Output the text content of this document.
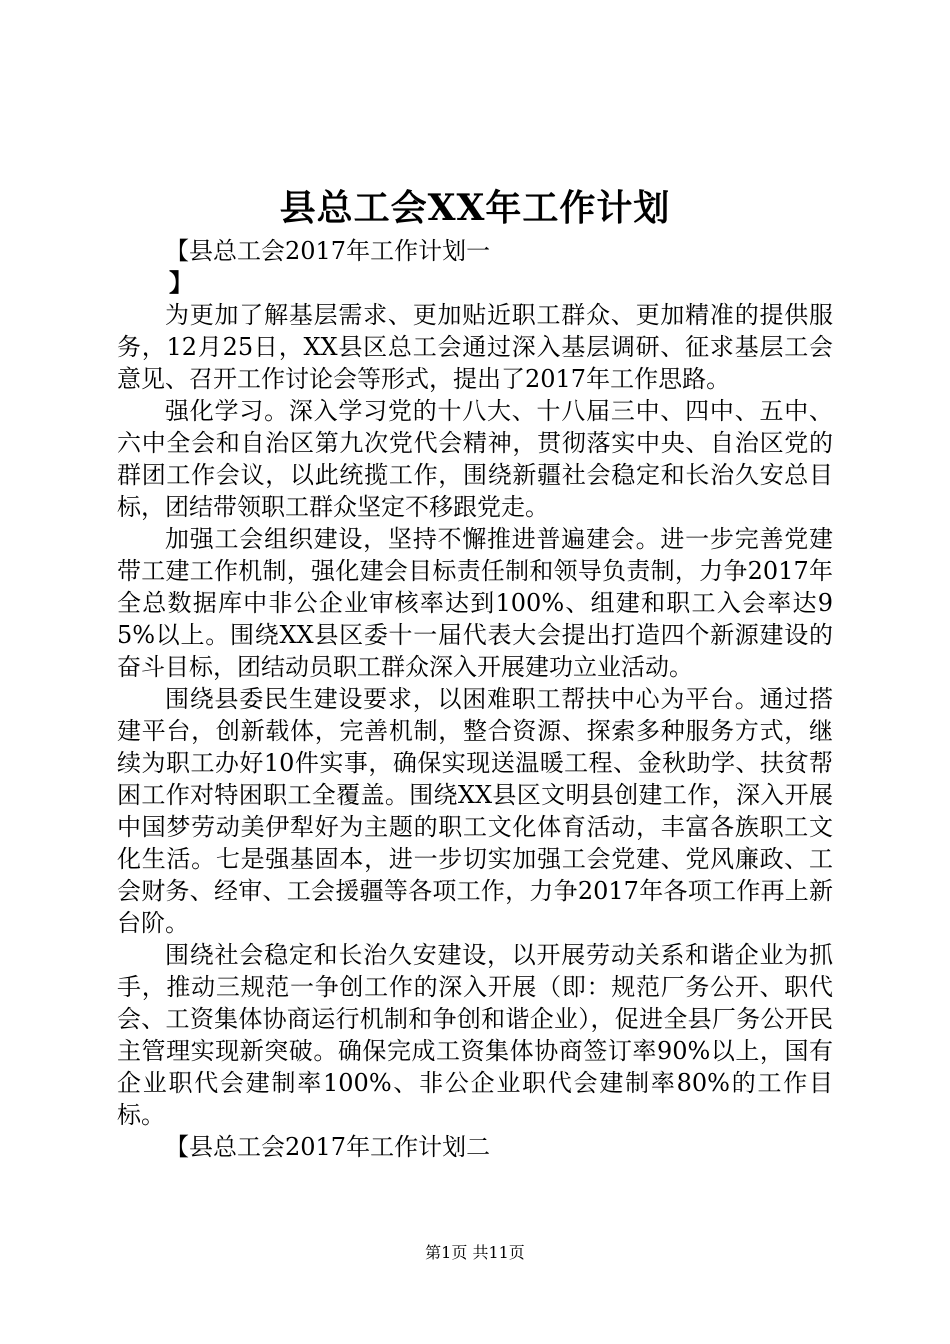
县总工会XX年工作计划

【县总工会2017年工作计划一

】

为更加了解基层需求、更加贴近职工群众、更加精准的提供服务，12月25日，XX县区总工会通过深入基层调研、征求基层工会意见、召开工作讨论会等形式，提出了2017年工作思路。

强化学习。深入学习党的十八大、十八届三中、四中、五中、六中全会和自治区第九次党代会精神，贯彻落实中央、自治区党的群团工作会议，以此统揽工作，围绕新疆社会稳定和长治久安总目标，团结带领职工群众坚定不移跟党走。

加强工会组织建设，坚持不懈推进普遍建会。进一步完善党建带工建工作机制，强化建会目标责任制和领导负责制，力争2017年全总数据库中非公企业审核率达到100%、组建和职工入会率达95%以上。围绕XX县区委十一届代表大会提出打造四个新源建设的奋斗目标，团结动员职工群众深入开展建功立业活动。

围绕县委民生建设要求，以困难职工帮扶中心为平台。通过搭建平台，创新载体，完善机制，整合资源、探索多种服务方式，继续为职工办好10件实事，确保实现送温暖工程、金秋助学、扶贫帮困工作对特困职工全覆盖。围绕XX县区文明县创建工作，深入开展中国梦劳动美伊犁好为主题的职工文化体育活动，丰富各族职工文化生活。七是强基固本，进一步切实加强工会党建、党风廉政、工会财务、经审、工会援疆等各项工作，力争2017年各项工作再上新台阶。

围绕社会稳定和长治久安建设，以开展劳动关系和谐企业为抓手，推动三规范一争创工作的深入开展（即：规范厂务公开、职代会、工资集体协商运行机制和争创和谐企业），促进全县厂务公开民主管理实现新突破。确保完成工资集体协商签订率90%以上，国有企业职代会建制率100%、非公企业职代会建制率80%的工作目标。

【县总工会2017年工作计划二

第1页 共11页
